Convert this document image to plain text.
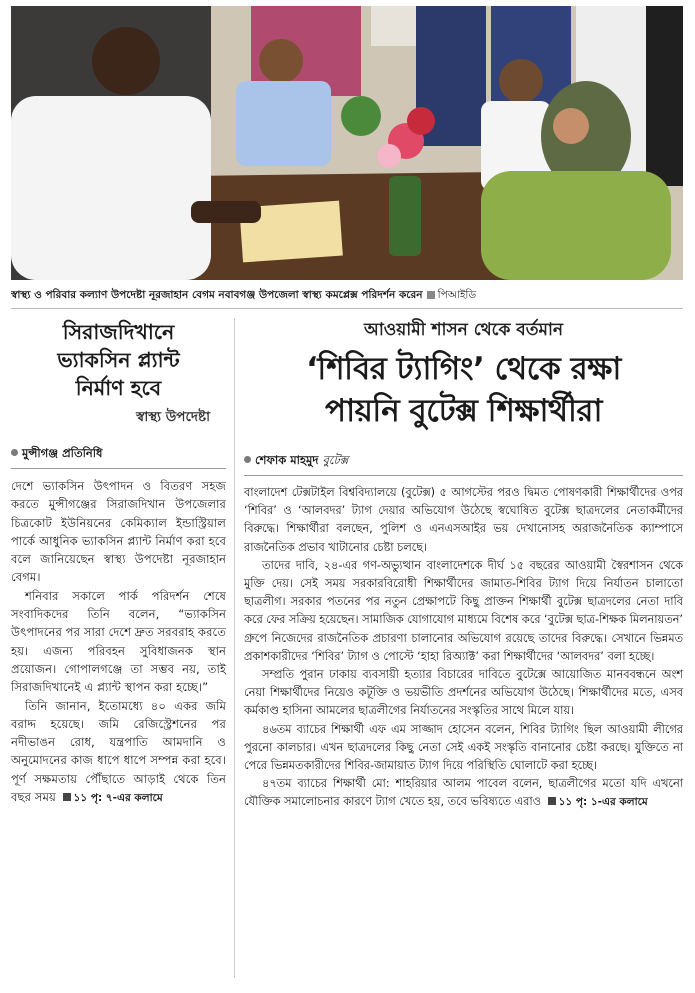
স্বাস্থ্য ও পরিবার কল্যাণ উপদেষ্টা নূরজাহান বেগম নবাবগঞ্জ উপজেলা স্বাস্থ্য কমপ্লেক্স পরিদর্শন করেন পিআইডি
সিরাজদিখানে
ভ্যাকসিন প্ল্যান্ট
নির্মাণ হবে
স্বাস্থ্য উপদেষ্টা
মুন্সীগঞ্জ প্রতিনিধি

দেশে ভ্যাকসিন উৎপাদন ও বিতরণ সহজ করতে মুন্সীগঞ্জের সিরাজদিখান উপজেলার চিত্রকোট ইউনিয়নের কেমিক্যাল ইন্ডাস্ট্রিয়াল পার্কে আধুনিক ভ্যাকসিন প্ল্যান্ট নির্মাণ করা হবে বলে জানিয়েছেন স্বাস্থ্য উপদেষ্টা নূরজাহান বেগম।

শনিবার সকালে পার্ক পরিদর্শন শেষে সংবাদিকদের তিনি বলেন, “ভ্যাকসিন উৎপাদনের পর সারা দেশে দ্রুত সরবরাহ করতে হয়। এজন্য পরিবহন সুবিধাজনক স্থান প্রয়োজন। গোপালগঞ্জে তা সম্ভব নয়, তাই সিরাজদিখানেই এ প্ল্যান্ট স্থাপন করা হচ্ছে।”

তিনি জানান, ইতোমধ্যে ৪০ একর জমি বরাদ্দ হয়েছে। জমি রেজিস্ট্রেশনের পর নদীভাঙন রোধ, যন্ত্রপাতি আমদানি ও অনুমোদনের কাজ ধাপে ধাপে সম্পন্ন করা হবে। পূর্ণ সক্ষমতায় পৌঁছাতে আড়াই থেকে তিন বছর সময় ১১ পৃ: ৭-এর কলামে

আওয়ামী শাসন থেকে বর্তমান
‘শিবির ট্যাগিং’ থেকে রক্ষা
পায়নি বুটেক্স শিক্ষার্থীরা
শেফাক মাহমুদ বুটেক্স

বাংলাদেশ টেক্সটাইল বিশ্ববিদ্যালয়ে (বুটেক্স) ৫ আগস্টের পরও দ্বিমত পোষণকারী শিক্ষার্থীদের ওপর ‘শিবির’ ও ‘আলবদর’ ট্যাগ দেয়ার অভিযোগ উঠেছে স্বঘোষিত বুটেক্স ছাত্রদলের নেতাকর্মীদের বিরুদ্ধে। শিক্ষার্থীরা বলছেন, পুলিশ ও এনএসআইর ভয় দেখানোসহ অরাজনৈতিক ক্যাম্পাসে রাজনৈতিক প্রভাব খাটানোর চেষ্টা চলছে।

তাদের দাবি, ২৪-এর গণ-অভ্যুত্থান বাংলাদেশকে দীর্ঘ ১৫ বছরের আওয়ামী স্বৈরশাসন থেকে মুক্তি দেয়। সেই সময় সরকারবিরোধী শিক্ষার্থীদের জামাত-শিবির ট্যাগ দিয়ে নির্যাতন চালাতো ছাত্রলীগ। সরকার পতনের পর নতুন প্রেক্ষাপটে কিছু প্রাক্তন শিক্ষার্থী বুটেক্স ছাত্রদলের নেতা দাবি করে ফের সক্রিয় হয়েছেন। সামাজিক যোগাযোগ মাধ্যমে বিশেষ করে ‘বুটেক্স ছাত্র-শিক্ষক মিলনায়তন’ গ্রুপে নিজেদের রাজনৈতিক প্রচারণা চালানোর অভিযোগ রয়েছে তাদের বিরুদ্ধে। সেখানে ভিন্নমত প্রকাশকারীদের ‘শিবির’ ট্যাগ ও পোস্টে ‘হাহা রিঅ্যাক্ট’ করা শিক্ষার্থীদের ‘আলবদর’ বলা হচ্ছে।

সম্প্রতি পুরান ঢাকায় ব্যবসায়ী হত্যার বিচারের দাবিতে বুটেক্সে আয়োজিত মানববন্ধনে অংশ নেয়া শিক্ষার্থীদের নিয়েও কটূক্তি ও ভয়ভীতি প্রদর্শনের অভিযোগ উঠেছে। শিক্ষার্থীদের মতে, এসব কর্মকাণ্ড হাসিনা আমলের ছাত্রলীগের নির্যাতনের সংস্কৃতির সাথে মিলে যায়।

৪৬তম ব্যাচের শিক্ষার্থী এফ এম সাজ্জাদ হোসেন বলেন, শিবির ট্যাগিং ছিল আওয়ামী লীগের পুরনো কালচার। এখন ছাত্রদলের কিছু নেতা সেই একই সংস্কৃতি বানানোর চেষ্টা করছে। যুক্তিতে না পেরে ভিন্নমতকারীদের শিবির-জামায়াত ট্যাগ দিয়ে পরিস্থিতি ঘোলাটে করা হচ্ছে।

৪৭তম ব্যাচের শিক্ষার্থী মো: শাহরিয়ার আলম পাবেল বলেন, ছাত্রলীগের মতো যদি এখনো যৌক্তিক সমালোচনার কারণে ট্যাগ খেতে হয়, তবে ভবিষ্যতে এরাও ১১ পৃ: ১-এর কলামে
